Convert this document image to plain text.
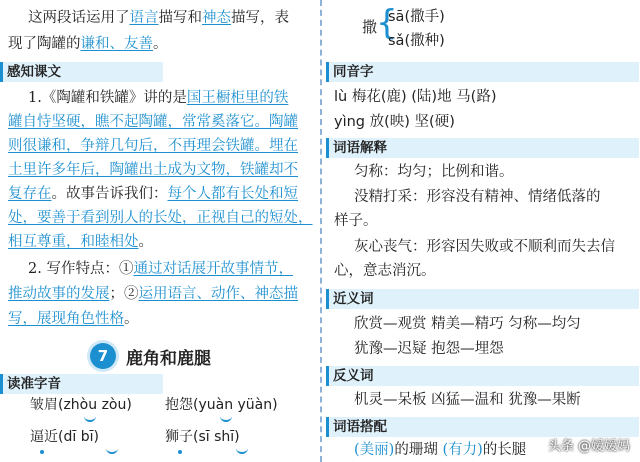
这两段话运用了语言描写和神态描写，表
现了陶罐的谦和、友善。
感知课文
1.《陶罐和铁罐》讲的是国王橱柜里的铁
罐自恃坚硬，瞧不起陶罐，常常奚落它。陶罐
则很谦和，争辩几句后，不再理会铁罐。埋在
土里许多年后，陶罐出土成为文物，铁罐却不
复存在。故事告诉我们：每个人都有长处和短
处，要善于看到别人的长处，正视自己的短处，
相互尊重，和睦相处。
2. 写作特点：①通过对话展开故事情节，
推动故事的发展；②运用语言、动作、神态描
写，展现角色性格。
7	鹿角和鹿腿
读准字音
皱眉(zhòu zòu) 抱怨(yuàn yüàn)
逼近(dī bī)	狮子(sī shī)
撒
{
sā(撒手)
sǎ(撒种)
同音字
lù 梅花(鹿) (陆)地 马(路)
yìng 放(映) 坚(硬)
词语解释
匀称：均匀；比例和谐。
没精打采：形容没有精神、情绪低落的
样子。
灰心丧气：形容因失败或不顺利而失去信
心，意志消沉。
近义词
欣赏—观赏 精美—精巧 匀称—均匀
犹豫—迟疑 抱怨—埋怨
反义词
机灵—呆板 凶猛—温和 犹豫—果断
词语搭配
(美丽)的珊瑚 (有力)的长腿 头条 @嫒嫒妈
